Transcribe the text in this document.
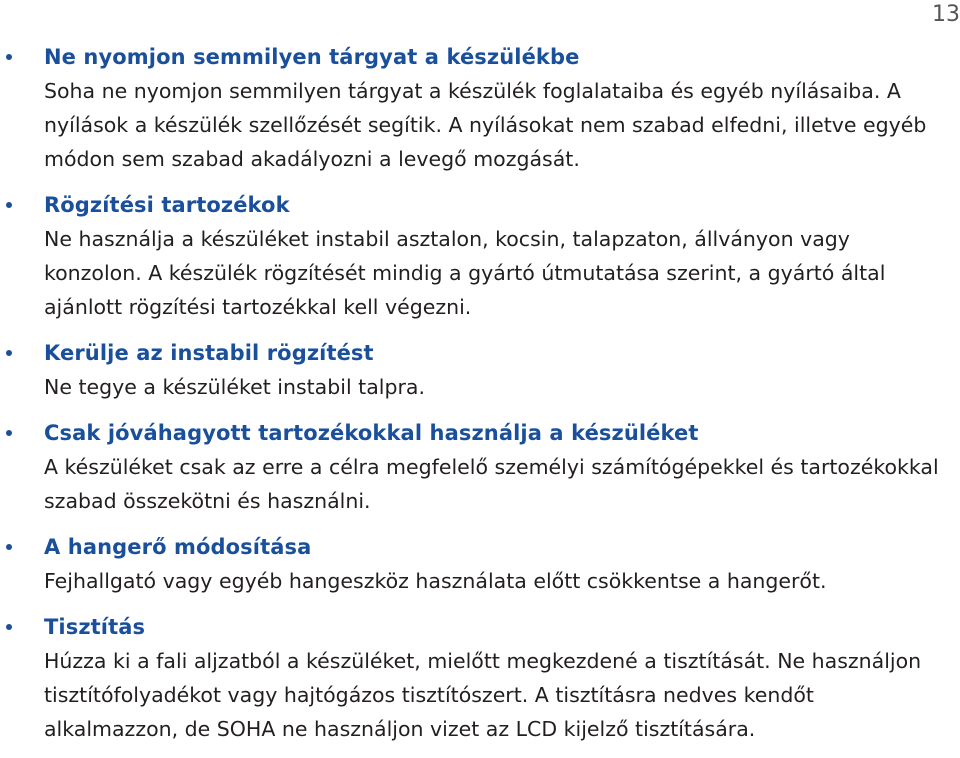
13
Ne nyomjon semmilyen tárgyat a készülékbe
Soha ne nyomjon semmilyen tárgyat a készülék foglalataiba és egyéb nyílásaiba. A nyílások a készülék szellőzését segítik. A nyílásokat nem szabad elfedni, illetve egyéb módon sem szabad akadályozni a levegő mozgását.
Rögzítési tartozékok
Ne használja a készüléket instabil asztalon, kocsin, talapzaton, állványon vagy konzolon. A készülék rögzítését mindig a gyártó útmutatása szerint, a gyártó által ajánlott rögzítési tartozékkal kell végezni.
Kerülje az instabil rögzítést
Ne tegye a készüléket instabil talpra.
Csak jóváhagyott tartozékokkal használja a készüléket
A készüléket csak az erre a célra megfelelő személyi számítógépekkel és tartozékokkal szabad összekötni és használni.
A hangerő módosítása
Fejhallgató vagy egyéb hangeszköz használata előtt csökkentse a hangerőt.
Tisztítás
Húzza ki a fali aljzatból a készüléket, mielőtt megkezdené a tisztítását. Ne használjon tisztítófolyadékot vagy hajtógázos tisztítószert. A tisztításra nedves kendőt alkalmazzon, de SOHA ne használjon vizet az LCD kijelző tisztítására.
